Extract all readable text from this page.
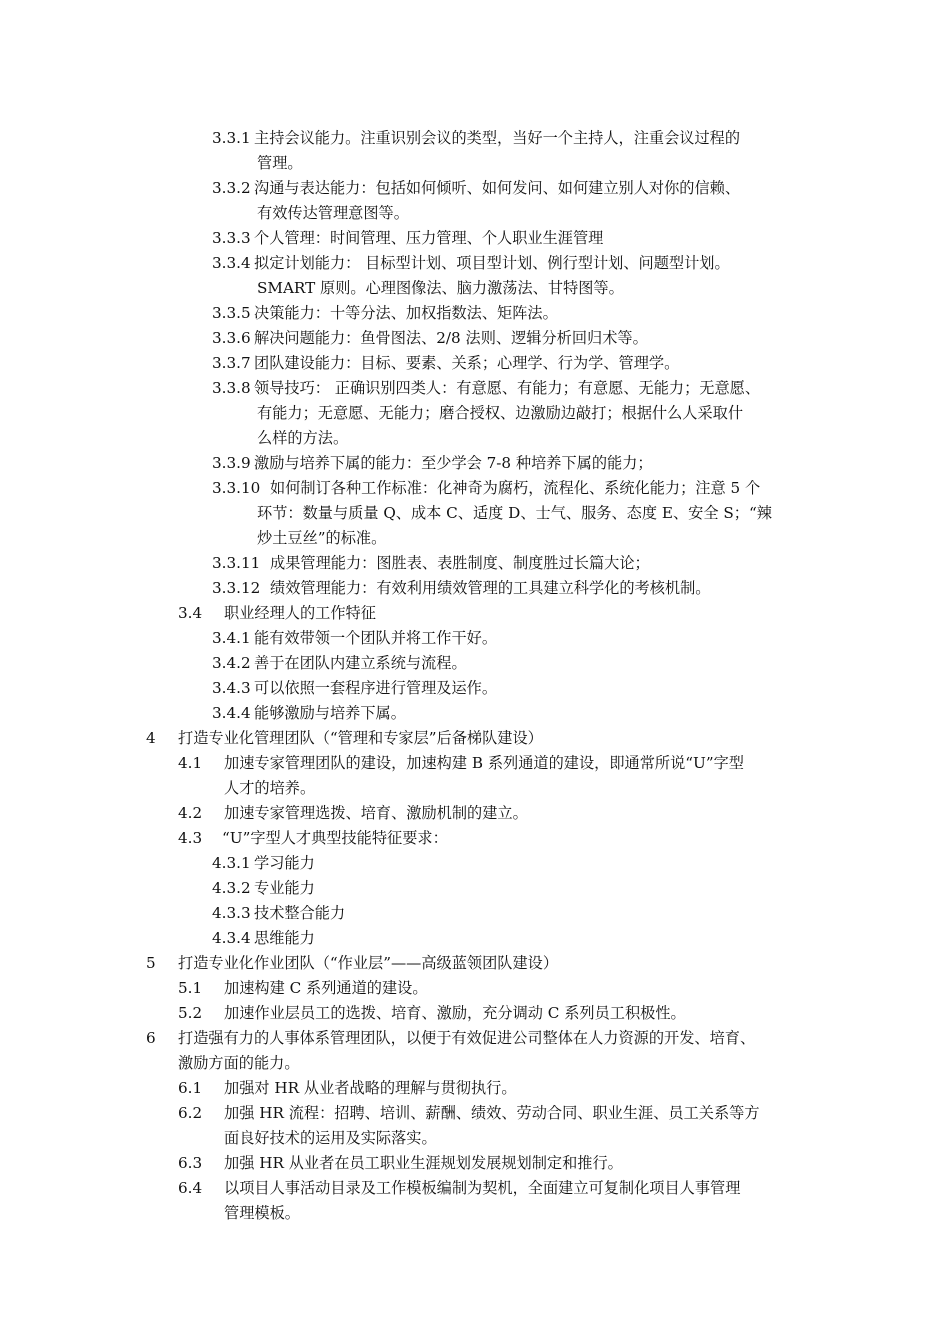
3.3.1 主持会议能力。注重识别会议的类型，当好一个主持人，注重会议过程的
管理。
3.3.2 沟通与表达能力：包括如何倾听、如何发问、如何建立别人对你的信赖、
有效传达管理意图等。
3.3.3 个人管理：时间管理、压力管理、个人职业生涯管理
3.3.4 拟定计划能力： 目标型计划、项目型计划、例行型计划、问题型计划。
SMART 原则。心理图像法、脑力激荡法、甘特图等。
3.3.5 决策能力：十等分法、加权指数法、矩阵法。
3.3.6 解决问题能力：鱼骨图法、2/8 法则、逻辑分析回归术等。
3.3.7 团队建设能力：目标、要素、关系；心理学、行为学、管理学。
3.3.8 领导技巧： 正确识别四类人：有意愿、有能力；有意愿、无能力；无意愿、
有能力；无意愿、无能力；磨合授权、边激励边敲打；根据什么人采取什
么样的方法。
3.3.9 激励与培养下属的能力：至少学会 7-8 种培养下属的能力；
3.3.10 如何制订各种工作标准：化神奇为腐朽，流程化、系统化能力；注意 5 个
环节：数量与质量 Q、成本 C、适度 D、士气、服务、态度 E、安全 S；“辣
炒土豆丝”的标准。
3.3.11 成果管理能力：图胜表、表胜制度、制度胜过长篇大论；
3.3.12 绩效管理能力：有效利用绩效管理的工具建立科学化的考核机制。
3.4 职业经理人的工作特征
3.4.1 能有效带领一个团队并将工作干好。
3.4.2 善于在团队内建立系统与流程。
3.4.3 可以依照一套程序进行管理及运作。
3.4.4 能够激励与培养下属。
4 打造专业化管理团队（“管理和专家层”后备梯队建设）
4.1 加速专家管理团队的建设，加速构建 B 系列通道的建设，即通常所说“U”字型
人才的培养。
4.2 加速专家管理选拨、培育、激励机制的建立。
4.3 “U”字型人才典型技能特征要求：
4.3.1 学习能力
4.3.2 专业能力
4.3.3 技术整合能力
4.3.4 思维能力
5 打造专业化作业团队（“作业层”——高级蓝领团队建设）
5.1 加速构建 C 系列通道的建设。
5.2 加速作业层员工的选拨、培育、激励，充分调动 C 系列员工积极性。
6 打造强有力的人事体系管理团队，以便于有效促进公司整体在人力资源的开发、培育、
激励方面的能力。
6.1 加强对 HR 从业者战略的理解与贯彻执行。
6.2 加强 HR 流程：招聘、培训、薪酬、绩效、劳动合同、职业生涯、员工关系等方
面良好技术的运用及实际落实。
6.3 加强 HR 从业者在员工职业生涯规划发展规划制定和推行。
6.4 以项目人事活动目录及工作模板编制为契机，全面建立可复制化项目人事管理
管理模板。
